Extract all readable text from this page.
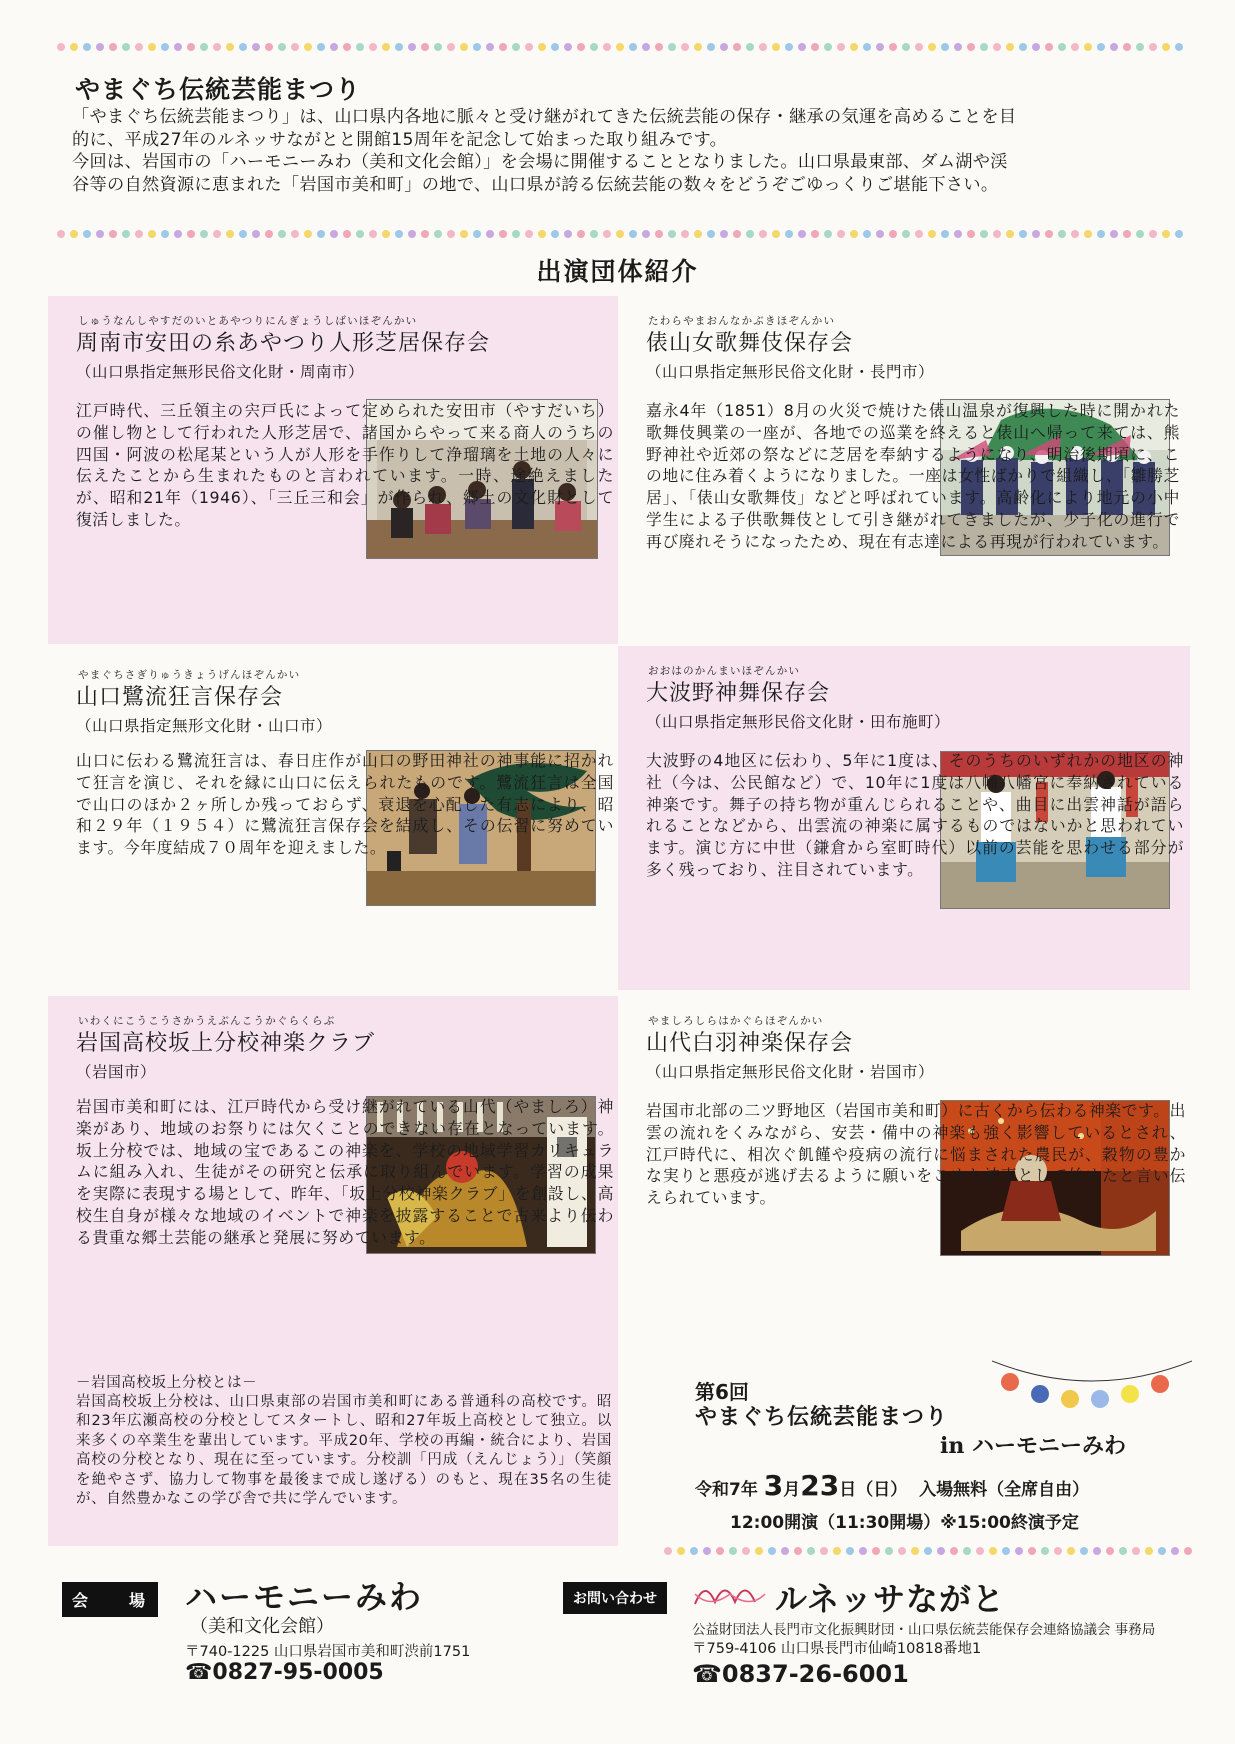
やまぐち伝統芸能まつり
「やまぐち伝統芸能まつり」は、山口県内各地に脈々と受け継がれてきた伝統芸能の保存・継承の気運を高めることを目
的に、平成27年のルネッサながとと開館15周年を記念して始まった取り組みです。
今回は、岩国市の「ハーモニーみわ（美和文化会館）」を会場に開催することとなりました。山口県最東部、ダム湖や渓
谷等の自然資源に恵まれた「岩国市美和町」の地で、山口県が誇る伝統芸能の数々をどうぞごゆっくりご堪能下さい。
出演団体紹介
しゅうなんしやすだのいとあやつりにんぎょうしばいほぞんかい
周南市安田の糸あやつり人形芝居保存会
（山口県指定無形民俗文化財・周南市）
江戸時代、三丘領主の宍戸氏によって定められた安田市（やすだいち）の催し物として行われた人形芝居で、諸国からやって来る商人のうちの四国・阿波の松尾某という人が人形を手作りして浄瑠璃を土地の人々に伝えたことから生まれたものと言われています。一時、途絶えましたが、昭和21年（1946）、「三丘三和会」が作られ、郷土の文化財として復活しました。
たわらやまおんなかぶきほぞんかい
俵山女歌舞伎保存会
（山口県指定無形民俗文化財・長門市）
嘉永4年（1851）8月の火災で焼けた俵山温泉が復興した時に開かれた歌舞伎興業の一座が、各地での巡業を終えると俵山へ帰って来ては、熊野神社や近郊の祭などに芝居を奉納するようになり、明治後期頃に、この地に住み着くようになりました。一座は女性ばかりで組織し、「雛勝芝居」、「俵山女歌舞伎」などと呼ばれています。高齢化により地元の小中学生による子供歌舞伎として引き継がれてきましたが、少子化の進行で再び廃れそうになったため、現在有志達による再現が行われています。
やまぐちさぎりゅうきょうげんほぞんかい
山口鷺流狂言保存会
（山口県指定無形文化財・山口市）
山口に伝わる鷺流狂言は、春日庄作が山口の野田神社の神事能に招かれて狂言を演じ、それを縁に山口に伝えられたものです。鷺流狂言は全国で山口のほか２ヶ所しか残っておらず、衰退を心配した有志により、昭和２９年（１９５４）に鷺流狂言保存会を結成し、その伝習に努めています。今年度結成７０周年を迎えました。
おおはのかんまいほぞんかい
大波野神舞保存会
（山口県指定無形民俗文化財・田布施町）
大波野の4地区に伝わり、5年に1度は、そのうちのいずれかの地区の神社（今は、公民館など）で、10年に1度は八幡八幡宮に奉納されている神楽です。舞子の持ち物が重んじられることや、曲目に出雲神話が語られることなどから、出雲流の神楽に属するものではないかと思われています。演じ方に中世（鎌倉から室町時代）以前の芸能を思わせる部分が多く残っており、注目されています。
いわくにこうこうさかうえぶんこうかぐらくらぶ
岩国高校坂上分校神楽クラブ
（岩国市）
岩国市美和町には、江戸時代から受け継がれている山代（やましろ）神楽があり、地域のお祭りには欠くことのできない存在となっています。坂上分校では、地域の宝であるこの神楽を、学校の地域学習カリキュラムに組み入れ、生徒がその研究と伝承に取り組んでいます。学習の成果を実際に表現する場として、昨年、「坂上分校神楽クラブ」を創設し、高校生自身が様々な地域のイベントで神楽を披露することで古来より伝わる貴重な郷土芸能の継承と発展に努めています。
－岩国高校坂上分校とは－
岩国高校坂上分校は、山口県東部の岩国市美和町にある普通科の高校です。昭和23年広瀬高校の分校としてスタートし、昭和27年坂上高校として独立。以来多くの卒業生を輩出しています。平成20年、学校の再編・統合により、岩国高校の分校となり、現在に至っています。分校訓「円成（えんじょう）」（笑顔を絶やさず、協力して物事を最後まで成し遂げる）のもと、現在35名の生徒が、自然豊かなこの学び舎で共に学んでいます。
やましろしらはかぐらほぞんかい
山代白羽神楽保存会
（山口県指定無形民俗文化財・岩国市）
岩国市北部の二ツ野地区（岩国市美和町）に古くから伝わる神楽です。出雲の流れをくみながら、安芸・備中の神楽も強く影響しているとされ、江戸時代に、相次ぐ飢饉や疫病の流行に悩まされた農民が、穀物の豊かな実りと悪疫が逃げ去るように願いをこめた神事として始めたと言い伝えられています。
第6回
やまぐち伝統芸能まつり
in ハーモニーみわ
令和7年 3月23日（日） 入場無料（全席自由）
12:00開演（11:30開場）※15:00終演予定
会　　場	ハーモニーみわ
（美和文化会館）
〒740-1225 山口県岩国市美和町渋前1751
☎0827-95-0005
お問い合わせ	ルネッサながと
公益財団法人長門市文化振興財団・山口県伝統芸能保存会連絡協議会 事務局
〒759-4106 山口県長門市仙崎10818番地1
☎0837-26-6001
